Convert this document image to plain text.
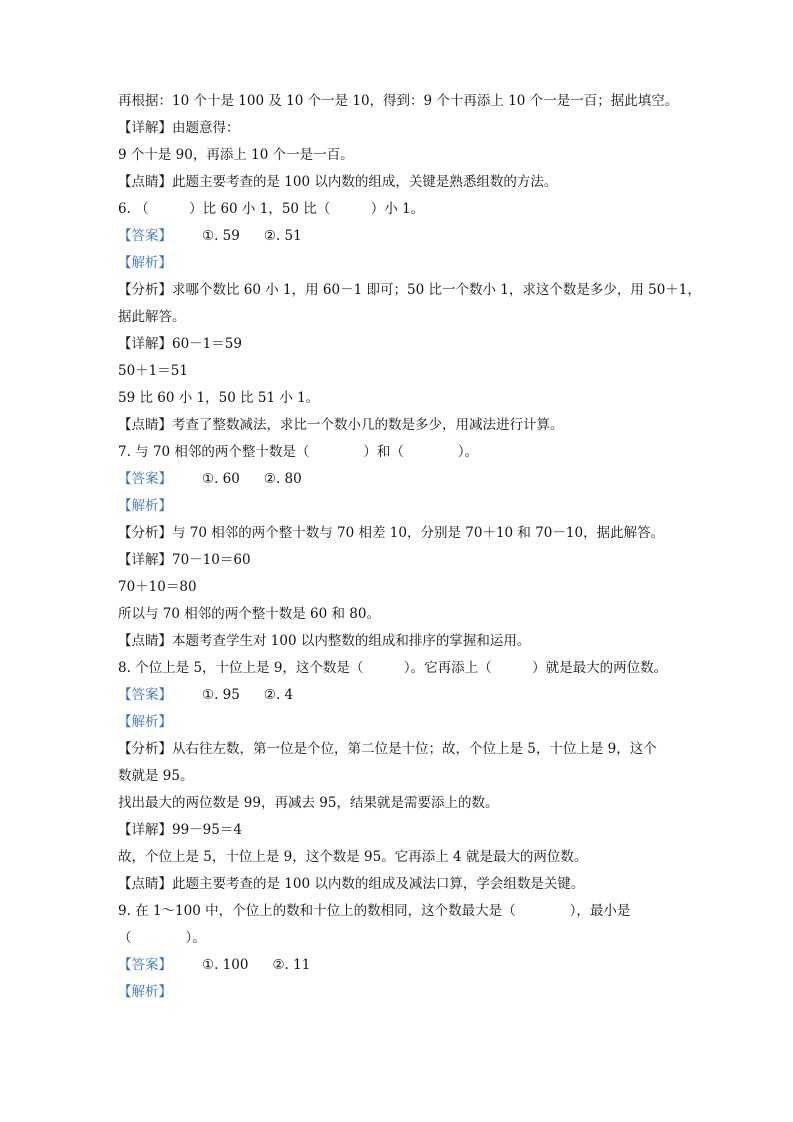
再根据：10 个十是 100 及 10 个一是 10，得到：9 个十再添上 10 个一是一百；据此填空。
【详解】由题意得：
9 个十是 90，再添上 10 个一是一百。
【点睛】此题主要考查的是 100 以内数的组成，关键是熟悉组数的方法。
6. （　　　）比 60 小 1，50 比（　　　）小 1。
【答案】 ①. 59 ②. 51
【解析】
【分析】求哪个数比 60 小 1，用 60－1 即可；50 比一个数小 1，求这个数是多少，用 50＋1，
据此解答。
【详解】60－1＝59
50＋1＝51
59 比 60 小 1，50 比 51 小 1。
【点睛】考查了整数减法，求比一个数小几的数是多少，用减法进行计算。
7. 与 70 相邻的两个整十数是（　　　　）和（　　　　）。
【答案】 ①. 60 ②. 80
【解析】
【分析】与 70 相邻的两个整十数与 70 相差 10，分别是 70＋10 和 70－10，据此解答。
【详解】70－10＝60
70＋10＝80
所以与 70 相邻的两个整十数是 60 和 80。
【点睛】本题考查学生对 100 以内整数的组成和排序的掌握和运用。
8. 个位上是 5，十位上是 9，这个数是（　　　）。它再添上（　　　）就是最大的两位数。
【答案】 ①. 95 ②. 4
【解析】
【分析】从右往左数，第一位是个位，第二位是十位；故，个位上是 5，十位上是 9，这个
数就是 95。
找出最大的两位数是 99，再减去 95，结果就是需要添上的数。
【详解】99－95＝4
故，个位上是 5，十位上是 9，这个数是 95。它再添上 4 就是最大的两位数。
【点睛】此题主要考查的是 100 以内数的组成及减法口算，学会组数是关键。
9. 在 1～100 中，个位上的数和十位上的数相同，这个数最大是（　　　　），最小是
（　　　　）。
【答案】 ①. 100 ②. 11
【解析】
